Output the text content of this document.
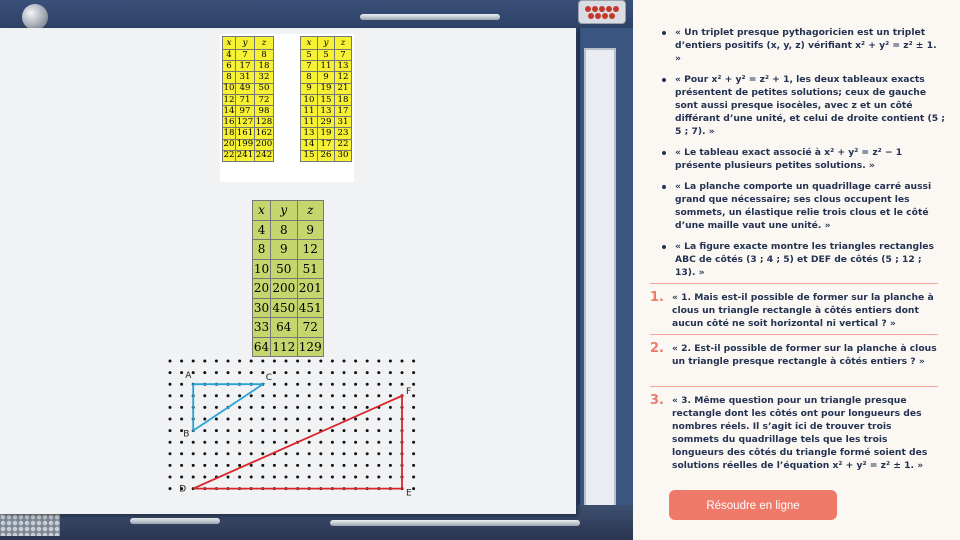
x	y	z
4	7	8
6	17	18
8	31	32
10	49	50
12	71	72
14	97	98
16	127	128
18	161	162
20	199	200
22	241	242
x	y	z
5	5	7
7	11	13
8	9	12
9	19	21
10	15	18
11	13	17
11	29	31
13	19	23
14	17	22
15	26	30
x	y	z
4	8	9
8	9	12
10	50	51
20	200	201
30	450	451
33	64	72
64	112	129
A
B
C
D	E
F
« Un triplet presque pythagoricien est un triplet d’entiers positifs (x, y, z) vérifiant x² + y² = z² ± 1. »
« Pour x² + y² = z² + 1, les deux tableaux exacts présentent de petites solutions; ceux de gauche sont aussi presque isocèles, avec z et un côté différant d’une unité, et celui de droite contient (5 ; 5 ; 7). »
« Le tableau exact associé à x² + y² = z² − 1 présente plusieurs petites solutions. »
« La planche comporte un quadrillage carré aussi grand que nécessaire; ses clous occupent les sommets, un élastique relie trois clous et le côté d’une maille vaut une unité. »
« La figure exacte montre les triangles rectangles ABC de côtés (3 ; 4 ; 5) et DEF de côtés (5 ; 12 ; 13). »
1. « 1. Mais est-il possible de former sur la planche à clous un triangle rectangle à côtés entiers dont aucun côté ne soit horizontal ni vertical ? »
2. « 2. Est-il possible de former sur la planche à clous un triangle presque rectangle à côtés entiers ? »
3. « 3. Même question pour un triangle presque rectangle dont les côtés ont pour longueurs des nombres réels. Il s’agit ici de trouver trois sommets du quadrillage tels que les trois longueurs des côtés du triangle formé soient des solutions réelles de l’équation x² + y² = z² ± 1. »
Résoudre en ligne
